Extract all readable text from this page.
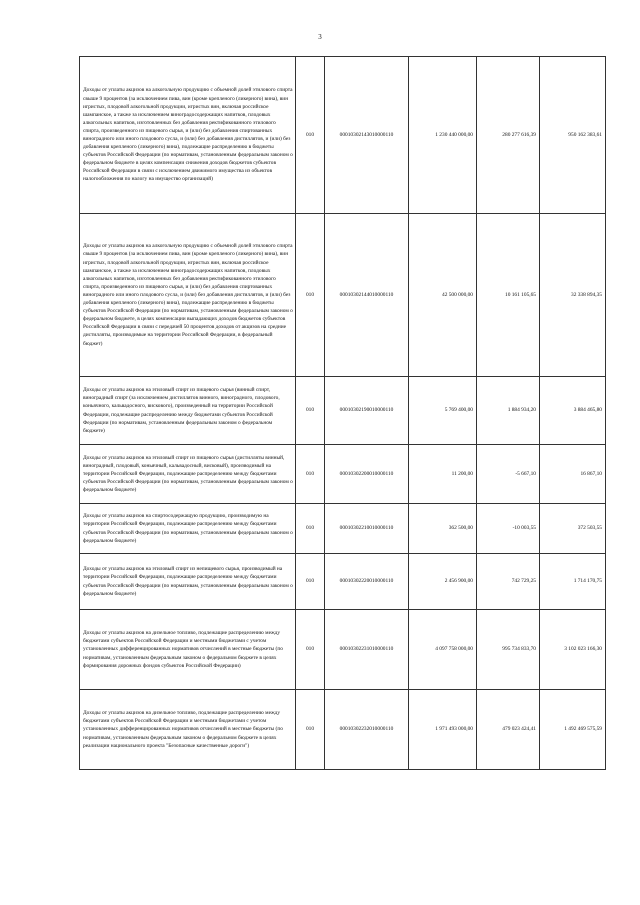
3
Доходы от уплаты акцизов на алкогольную продукцию с объемной долей этилового спирта свыше 9 процентов (за исключением пива, вин (кроме крепленого (ликерного) вина), вин игристых, плодовой алкогольной продукции, игристых вин, включая российское шампанское, а также за исключением виноградосодержащих напитков, плодовых алкогольных напитков, изготовленных без добавления ректификованного этилового спирта, произведенного из пищевого сырья, и (или) без добавления спиртованных виноградного или иного плодового сусла, и (или) без добавления дистиллятов, и (или) без добавления крепленого (ликерного) вина), подлежащие распределению в бюджеты субъектов Российской Федерации (по нормативам, установленным федеральным законом о федеральном бюджете в целях компенсации снижения доходов бюджетов субъектов Российской Федерации в связи с исключением движимого имущества из объектов налогообложения по налогу на имущество организаций)	010	00010302143010000110	1 230 440 000,00	280 277 616,39	950 162 383,61
Доходы от уплаты акцизов на алкогольную продукцию с объемной долей этилового спирта свыше 9 процентов (за исключением пива, вин (кроме крепленого (ликерного) вина), вин игристых, плодовой алкогольной продукции, игристых вин, включая российское шампанское, а также за исключением виноградосодержащих напитков, плодовых алкогольных напитков, изготовленных без добавления ректификованного этилового спирта, произведенного из пищевого сырья, и (или) без добавления спиртованных виноградного или иного плодового сусла, и (или) без добавления дистиллятов, и (или) без добавления крепленого (ликерного) вина), подлежащие распределению в бюджеты субъектов Российской Федерации (по нормативам, установленным федеральным законом о федеральном бюджете, в целях компенсации выпадающих доходов бюджетов субъектов Российской Федерации в связи с передачей 50 процентов доходов от акцизов на средние дистилляты, производимые на территории Российской Федерации, в федеральный бюджет)	010	00010302144010000110	42 500 000,00	10 161 105,65	32 338 894,35
Доходы от уплаты акцизов на этиловый спирт из пищевого сырья (винный спирт, виноградный спирт (за исключением дистиллятов винного, виноградного, плодового, коньячного, кальвадосного, вискового), произведенный на территории Российской Федерации, подлежащие распределению между бюджетами субъектов Российской Федерации (по нормативам, установленным федеральным законом о федеральном бюджете)	010	00010302190010000110	5 769 400,00	1 884 934,20	3 884 465,80
Доходы от уплаты акцизов на этиловый спирт из пищевого сырья (дистилляты винный, виноградный, плодовый, коньячный, кальвадосный, висковый), производимый на территории Российской Федерации, подлежащие распределению между бюджетами субъектов Российской Федерации (по нормативам, установленным федеральным законом о федеральном бюджете)	010	00010302200010000110	11 200,00	-5 667,10	16 867,10
Доходы от уплаты акцизов на спиртосодержащую продукцию, производимую на территории Российской Федерации, подлежащие распределению между бюджетами субъектов Российской Федерации (по нормативам, установленным федеральным законом о федеральном бюджете)	010	00010302210010000110	362 500,00	-10 003,55	372 503,55
Доходы от уплаты акцизов на этиловый спирт из непищевого сырья, производимый на территории Российской Федерации, подлежащие распределению между бюджетами субъектов Российской Федерации (по нормативам, установленным федеральным законом о федеральном бюджете)	010	00010302220010000110	2 456 900,00	742 729,25	1 714 170,75
Доходы от уплаты акцизов на дизельное топливо, подлежащие распределению между бюджетами субъектов Российской Федерации и местными бюджетами с учетом установленных дифференцированных нормативов отчислений в местные бюджеты (по нормативам, установленным федеральным законом о федеральном бюджете в целях формирования дорожных фондов субъектов Российской Федерации)	010	00010302231010000110	4 097 758 000,00	995 734 833,70	3 102 023 166,30
Доходы от уплаты акцизов на дизельное топливо, подлежащие распределению между бюджетами субъектов Российской Федерации и местными бюджетами с учетом установленных дифференцированных нормативов отчислений в местные бюджеты (по нормативам, установленным федеральным законом о федеральном бюджете в целях реализации национального проекта "Безопасные качественные дороги")	010	00010302232010000110	1 971 493 000,00	479 023 424,41	1 492 469 575,59
